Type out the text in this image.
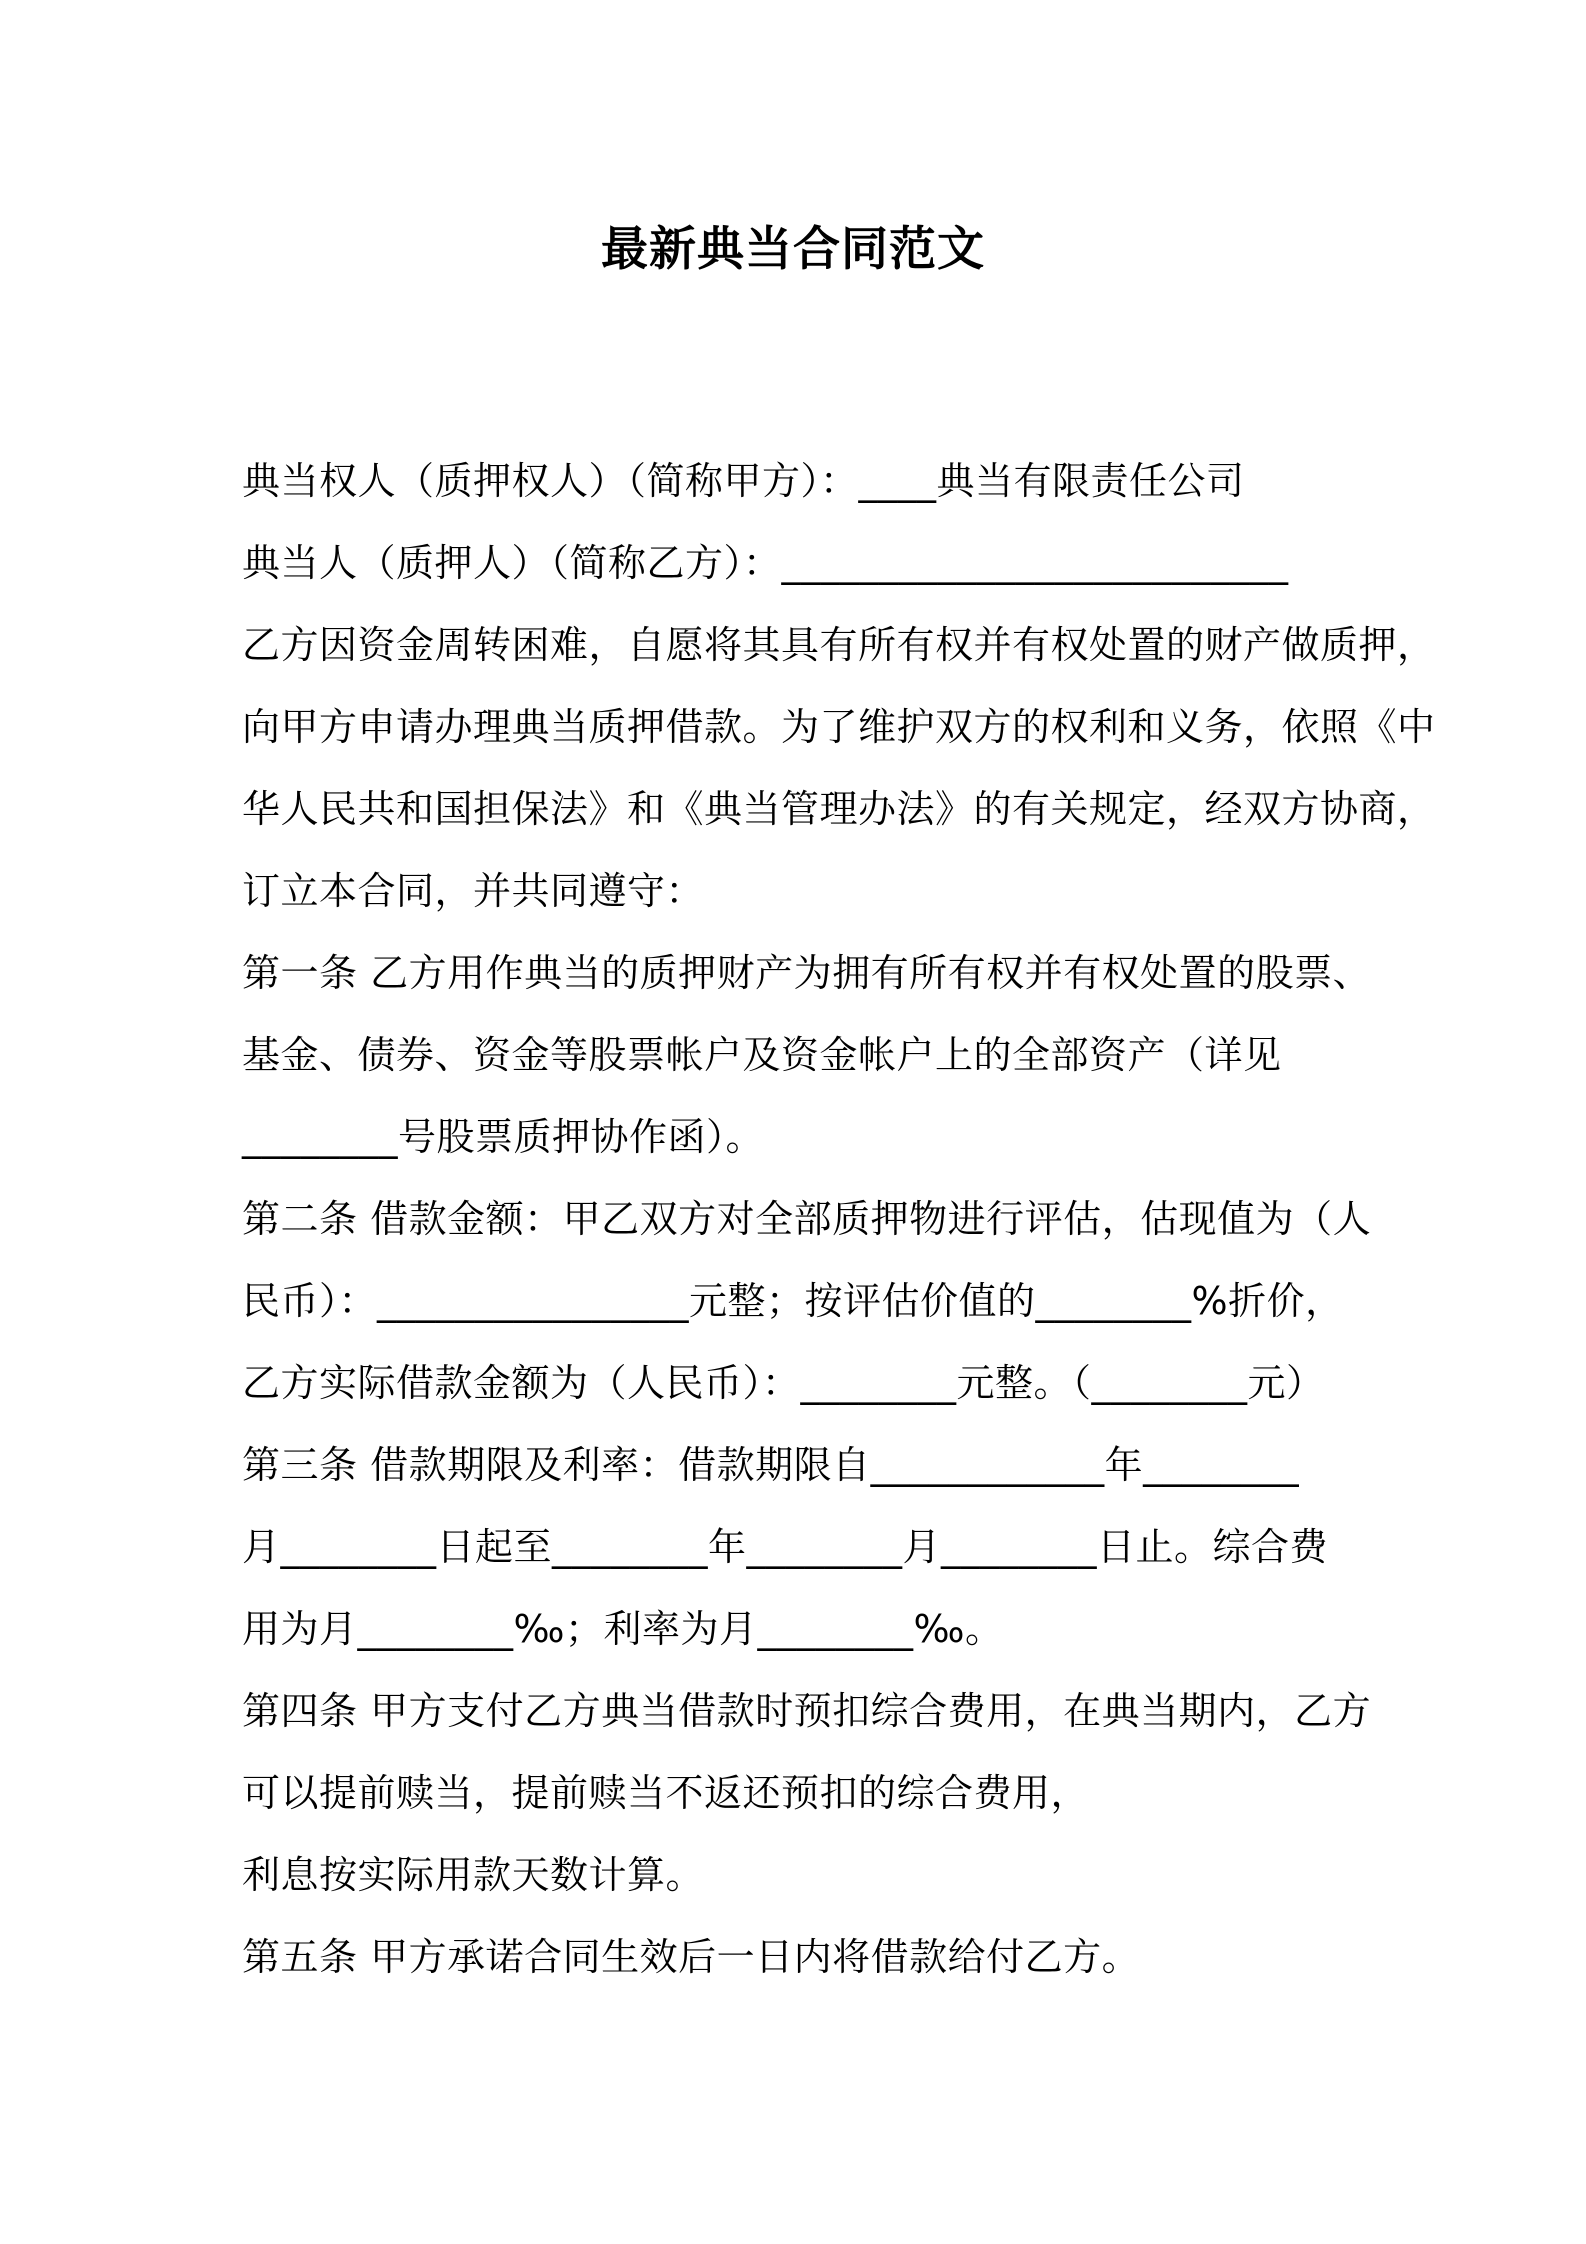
最新典当合同范文
典当权人（质押权人）（简称甲方）：____典当有限责任公司
典当人（质押人）（简称乙方）：__________________________
乙方因资金周转困难，自愿将其具有所有权并有权处置的财产做质押，
向甲方申请办理典当质押借款。为了维护双方的权利和义务，依照《中
华人民共和国担保法》和《典当管理办法》的有关规定，经双方协商，
订立本合同，并共同遵守：
第一条 乙方用作典当的质押财产为拥有所有权并有权处置的股票、
基金、债券、资金等股票帐户及资金帐户上的全部资产（详见
________号股票质押协作函）。
第二条 借款金额：甲乙双方对全部质押物进行评估，估现值为（人
民币）：________________元整；按评估价值的________%折价，
乙方实际借款金额为（人民币）：________元整。（________元）
第三条 借款期限及利率：借款期限自____________年________
月________日起至________年________月________日止。综合费
用为月________‰；利率为月________‰。
第四条 甲方支付乙方典当借款时预扣综合费用，在典当期内，乙方
可以提前赎当，提前赎当不返还预扣的综合费用，
利息按实际用款天数计算。
第五条 甲方承诺合同生效后一日内将借款给付乙方。
